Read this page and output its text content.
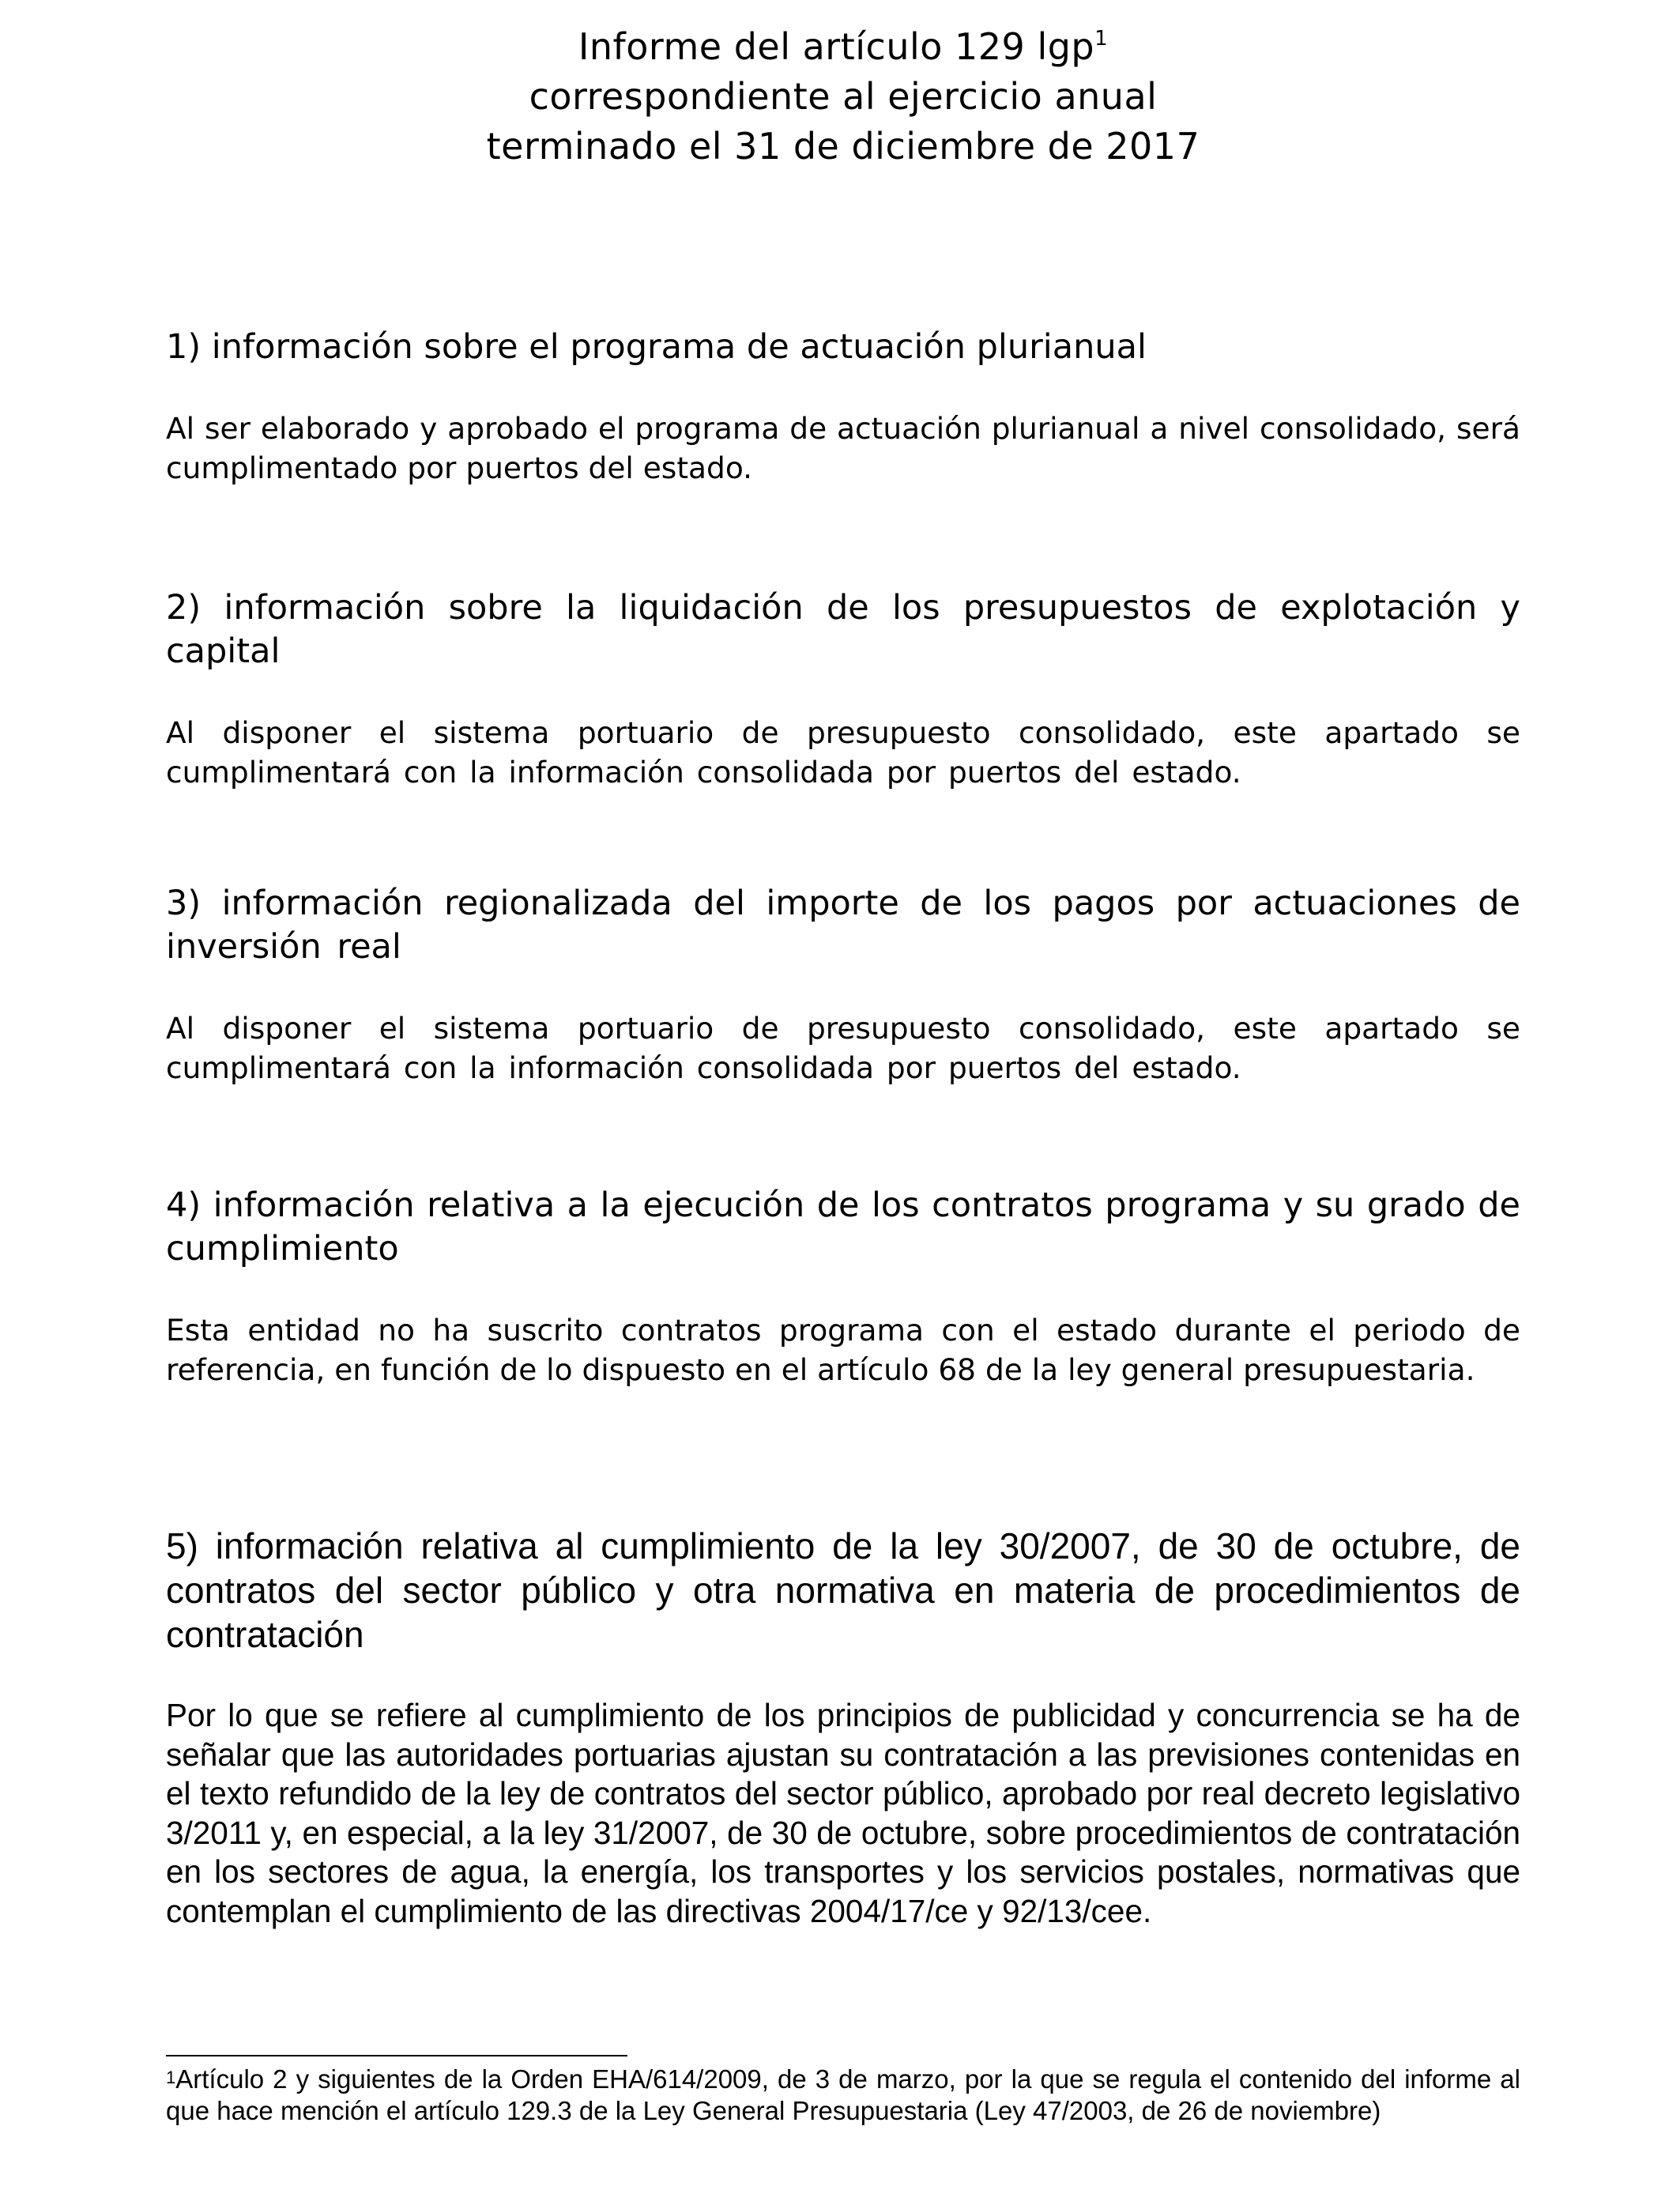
Informe del artículo 129 lgp$^1$
correspondiente al ejercicio anual
terminado el 31 de diciembre de 2017

1) información sobre el programa de actuación plurianual

Al ser elaborado y aprobado el programa de actuación plurianual a nivel consolidado, será cumplimentado por puertos del estado.

2) información sobre la liquidación de los presupuestos de explotación y capital

Al disponer el sistema portuario de presupuesto consolidado, este apartado se cumplimentará con la información consolidada por puertos del estado.

3) información regionalizada del importe de los pagos por actuaciones de inversión real

Al disponer el sistema portuario de presupuesto consolidado, este apartado se cumplimentará con la información consolidada por puertos del estado.

4) información relativa a la ejecución de los contratos programa y su grado de cumplimiento

Esta entidad no ha suscrito contratos programa con el estado durante el periodo de referencia, en función de lo dispuesto en el artículo 68 de la ley general presupuestaria.

5) información relativa al cumplimiento de la ley 30/2007, de 30 de octubre, de contratos del sector público y otra normativa en materia de procedimientos de contratación

Por lo que se refiere al cumplimiento de los principios de publicidad y concurrencia se ha de señalar que las autoridades portuarias ajustan su contratación a las previsiones contenidas en el texto refundido de la ley de contratos del sector público, aprobado por real decreto legislativo 3/2011 y, en especial, a la ley 31/2007, de 30 de octubre, sobre procedimientos de contratación en los sectores de agua, la energía, los transportes y los servicios postales, normativas que contemplan el cumplimiento de las directivas 2004/17/ce y 92/13/cee.

1Artículo 2 y siguientes de la Orden EHA/614/2009, de 3 de marzo, por la que se regula el contenido del informe al que hace mención el artículo 129.3 de la Ley General Presupuestaria (Ley 47/2003, de 26 de noviembre)
